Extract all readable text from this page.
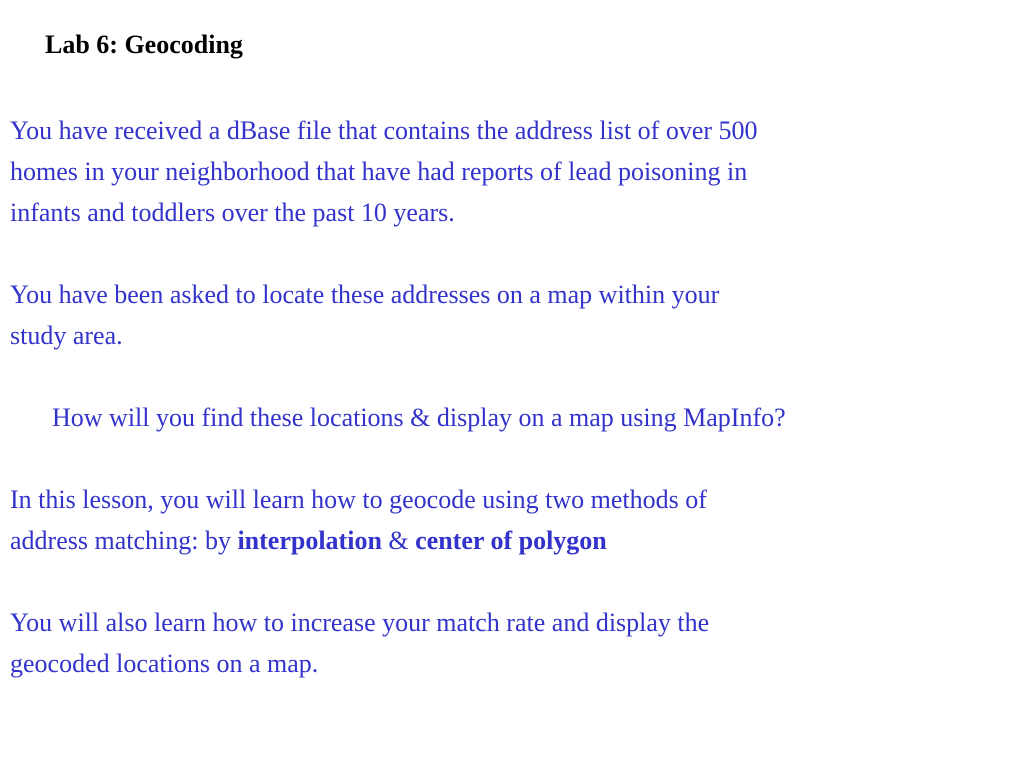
Lab 6: Geocoding

You have received a dBase file that contains the address list of over 500
homes in your neighborhood that have had reports of lead poisoning in
infants and toddlers over the past 10 years.

You have been asked to locate these addresses on a map within your
study area.

How will you find these locations & display on a map using MapInfo?

In this lesson, you will learn how to geocode using two methods of
address matching: by interpolation & center of polygon

You will also learn how to increase your match rate and display the
geocoded locations on a map.
